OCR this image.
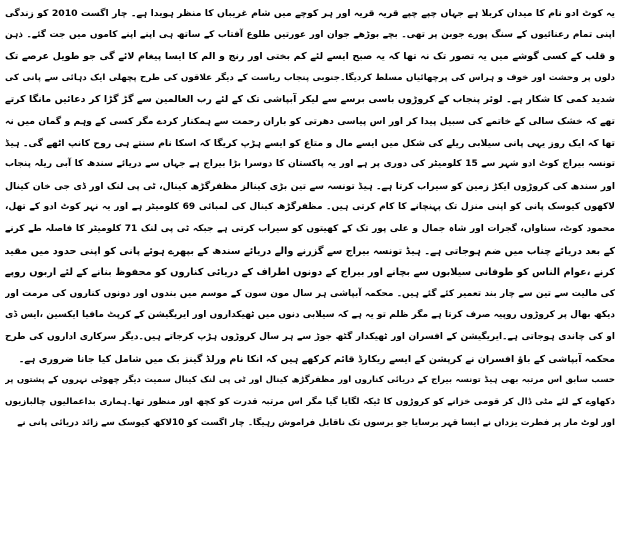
یہ کوٹ ادو نام کا میدان کربلا ہے جہاں چپے چپے قریہ قریہ اور ہر کوچے میں شام غریباں کا منظر ہویدا ہے۔ چار اگست 2010 کو زندگی
اپنی تمام رعنائیوں کے سنگ پورے جوبن پر تھی۔ بچے بوڑھے جوان اور عورتیں طلوع آفتاب کے ساتھ ہی اپنے اپنے کاموں میں جت گئے۔ ذہن
و قلب کے کسی گوشے میں یہ تصور تک نہ تھا کہ یہ صبح ایسے لئے کم بختی اور رنج و الم کا ایسا پیغام لائے گی جو طویل عرصے تک
دلوں پر وحشت اور خوف و ہراس کی پرچھائیاں مسلط کردیگا۔جنوبی پنجاب ریاست کے دیگر علاقوں کی طرح پچھلی ایک دہائی سے پانی کی
شدید کمی کا شکار ہے۔ لوئر پنجاب کے کروڑوں باسی برسے سے لیکر آبپاشی تک کے لئے رب العالمین سے گڑ گڑا کر دعائیں مانگا کرتے
تھے کہ خشک سالی کے خاتمے کی سبیل پیدا کر اور اس پیاسی دھرتی کو باران رحمت سے ہمکنار کردے مگر کسی کے وہم و گمان میں نہ
تھا کہ ایک روز یہی پانی سیلابی ریلے کی شکل میں ایسے مال و متاع کو ایسے ہڑپ کریگا کہ اسکا نام سنتے ہی روح کانپ اٹھے گی۔ ہیڈ
تونسہ بیراج کوٹ ادو شہر سے 15 کلومیٹر کی دوری پر ہے اور یہ پاکستان کا دوسرا بڑا بیراج ہے جہاں سے دریائے سندھ کا آبی ریلہ پنجاب
اور سندھ کی کروڑوں ایکڑ زمین کو سیراب کرتا ہے۔ ہیڈ تونسہ سے تین بڑی کینالز مظفرگڑھ کینال، ٹی پی لنک اور ڈی جی خان کینال
لاکھوں کیوسک پانی کو اپنی منزل تک پہنچانے کا کام کرتی ہیں۔ مظفرگڑھ کینال کی لمبائی 69 کلومیٹر ہے اور یہ نہر کوٹ ادو کے تھل،
محمود کوٹ، سناواں، گجرات اور شاہ جمال و علی پور تک کے کھیتوں کو سیراب کرتی ہے جبکہ ٹی پی لنک 71 کلومیٹر کا فاصلہ طے کرنے
کے بعد دریائے چناب میں ضم ہوجاتی ہے۔ ہیڈ تونسہ بیراج سے گزرنے والے دریائے سندھ کے بپھرے ہوئے پانی کو اپنی حدود میں مقید
کرنے ،عوام الناس کو طوفانی سیلابوں سے بچانے اور بیراج کے دونوں اطراف کے دریائی کناروں کو محفوظ بنانے کے لئے اربوں روپے
کی مالیت سے تین سے چار بند تعمیر کئے گئے ہیں۔ محکمہ آبپاشی ہر سال مون سون کے موسم میں بندوں اور دونوں کناروں کی مرمت اور
دیکھ بھال پر کروڑوں روپیہ صرف کرتا ہے مگر ظلم تو یہ ہے کہ سیلابی دنوں میں ٹھیکداروں اور ایریگیشن کے کرپٹ مافیا ایکسین ،ایس ڈی
او کی چاندی ہوجاتی ہے۔ایریگیشن کے افسران اور ٹھیکدار گٹھ جوڑ سے ہر سال کروڑوں ہڑپ کرجاتے ہیں۔دیگر سرکاری اداروں کی طرح
محکمہ آبپاشی کے باؤ افسران نے کرپشن کے ایسے ریکارڈ قائم کرکھے ہیں کہ انکا نام ورلڈ گینز بک میں شامل کیا جانا ضروری ہے۔
حسب سابق اس مرتبہ بھی ہیڈ تونسہ بیراج کے دریائی کناروں اور مظفرگڑھ کینال اور ٹی پی لنک کینال سمیت دیگر چھوٹی نہروں کے پشتوں پر
دکھاوے کے لئے مٹی ڈال کر قومی خزانے کو کروڑوں کا ٹیکہ لگایا گیا مگر اس مرتبہ قدرت کو کچھ اور منظور تھا۔ہماری بداعمالیوں چالبازیوں
اور لوٹ مار پر فطرت یزداں نے ایسا قہر برسایا جو برسوں تک ناقابل فراموش رہیگا۔ چار اگست کو 10لاکھ کیوسک سے زائد دریائی پانی نے
